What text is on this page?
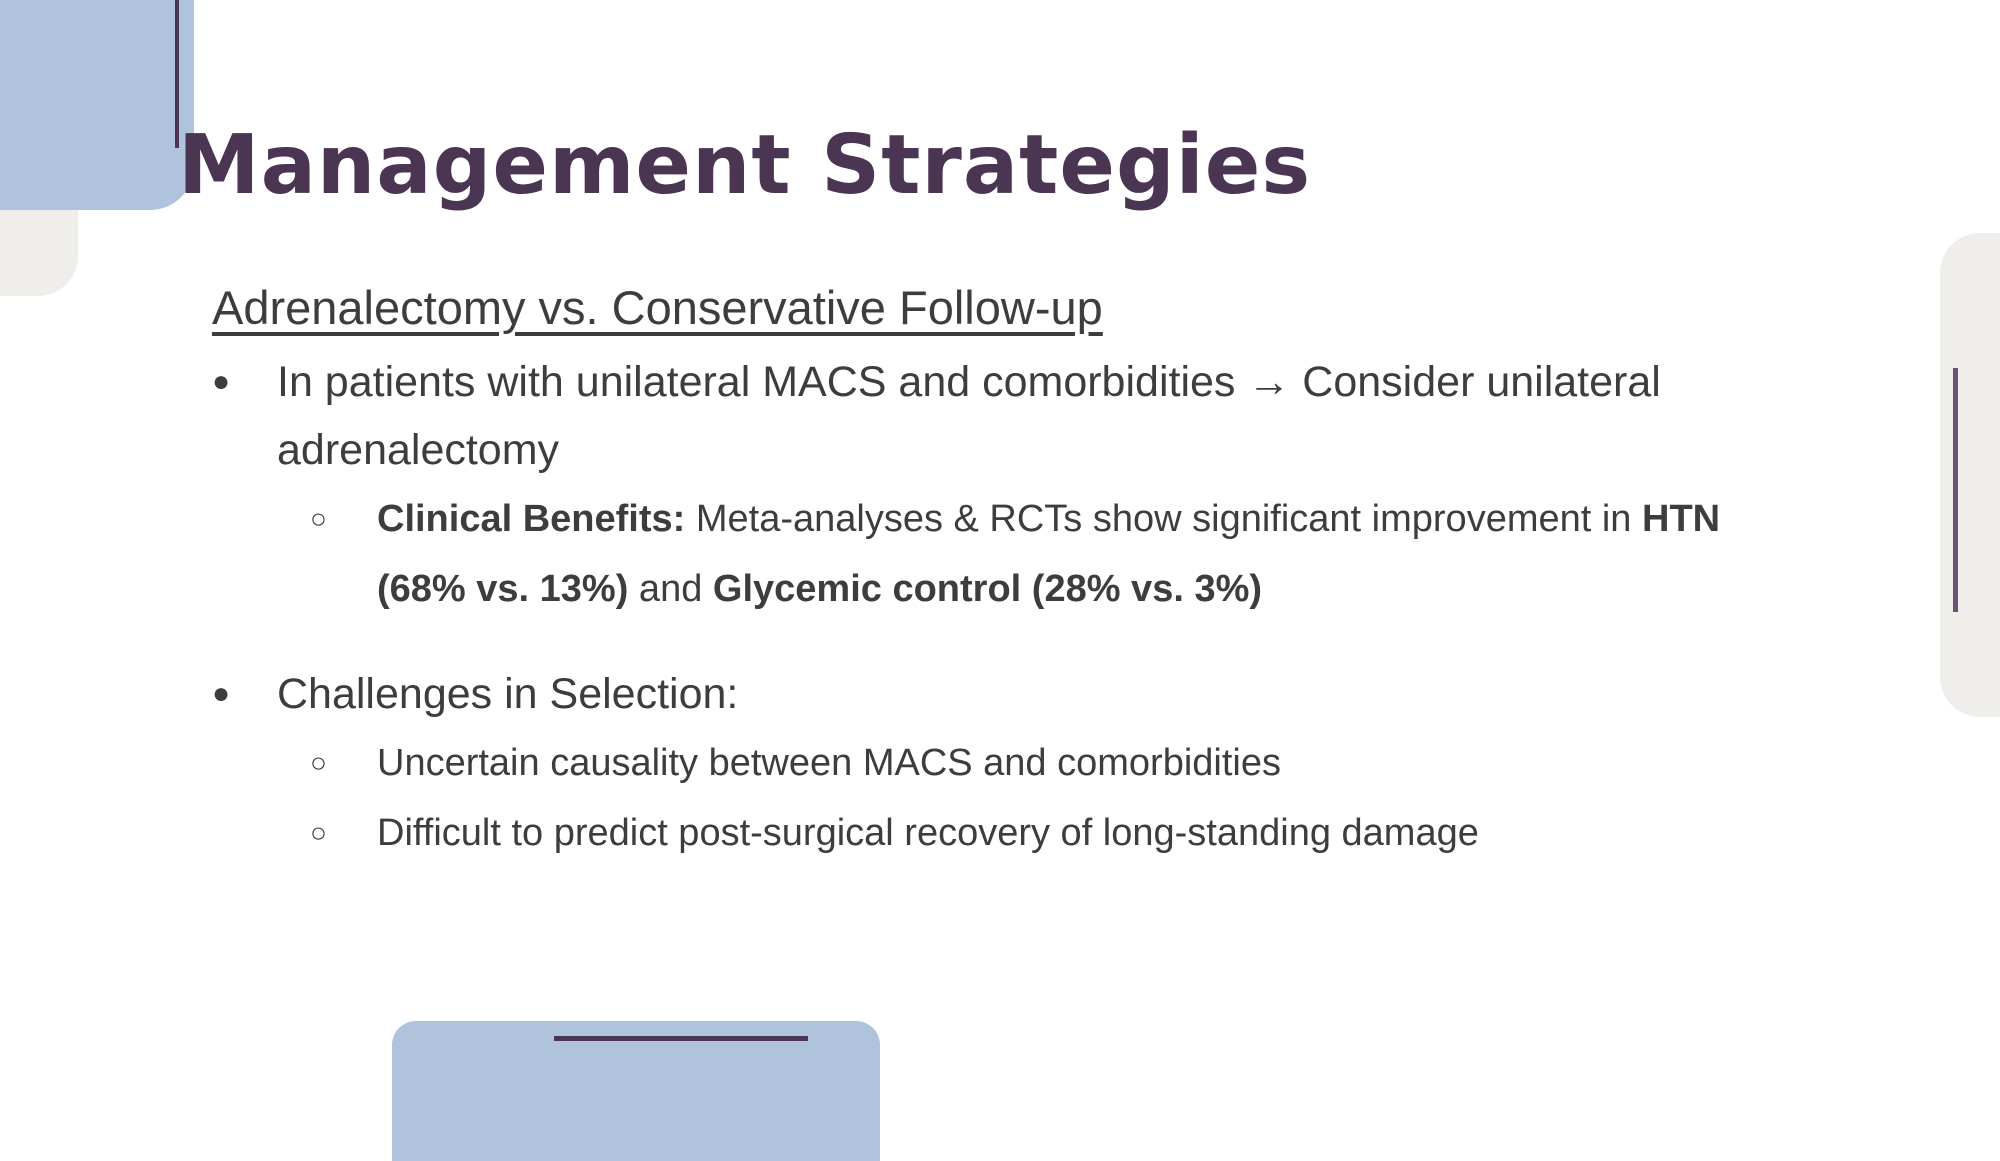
Management Strategies
Adrenalectomy vs. Conservative Follow-up
● In patients with unilateral MACS and comorbidities → Consider unilateral adrenalectomy
○ Clinical Benefits: Meta-analyses & RCTs show significant improvement in HTN (68% vs. 13%) and Glycemic control (28% vs. 3%)
● Challenges in Selection:
○ Uncertain causality between MACS and comorbidities
○ Difficult to predict post-surgical recovery of long-standing damage
